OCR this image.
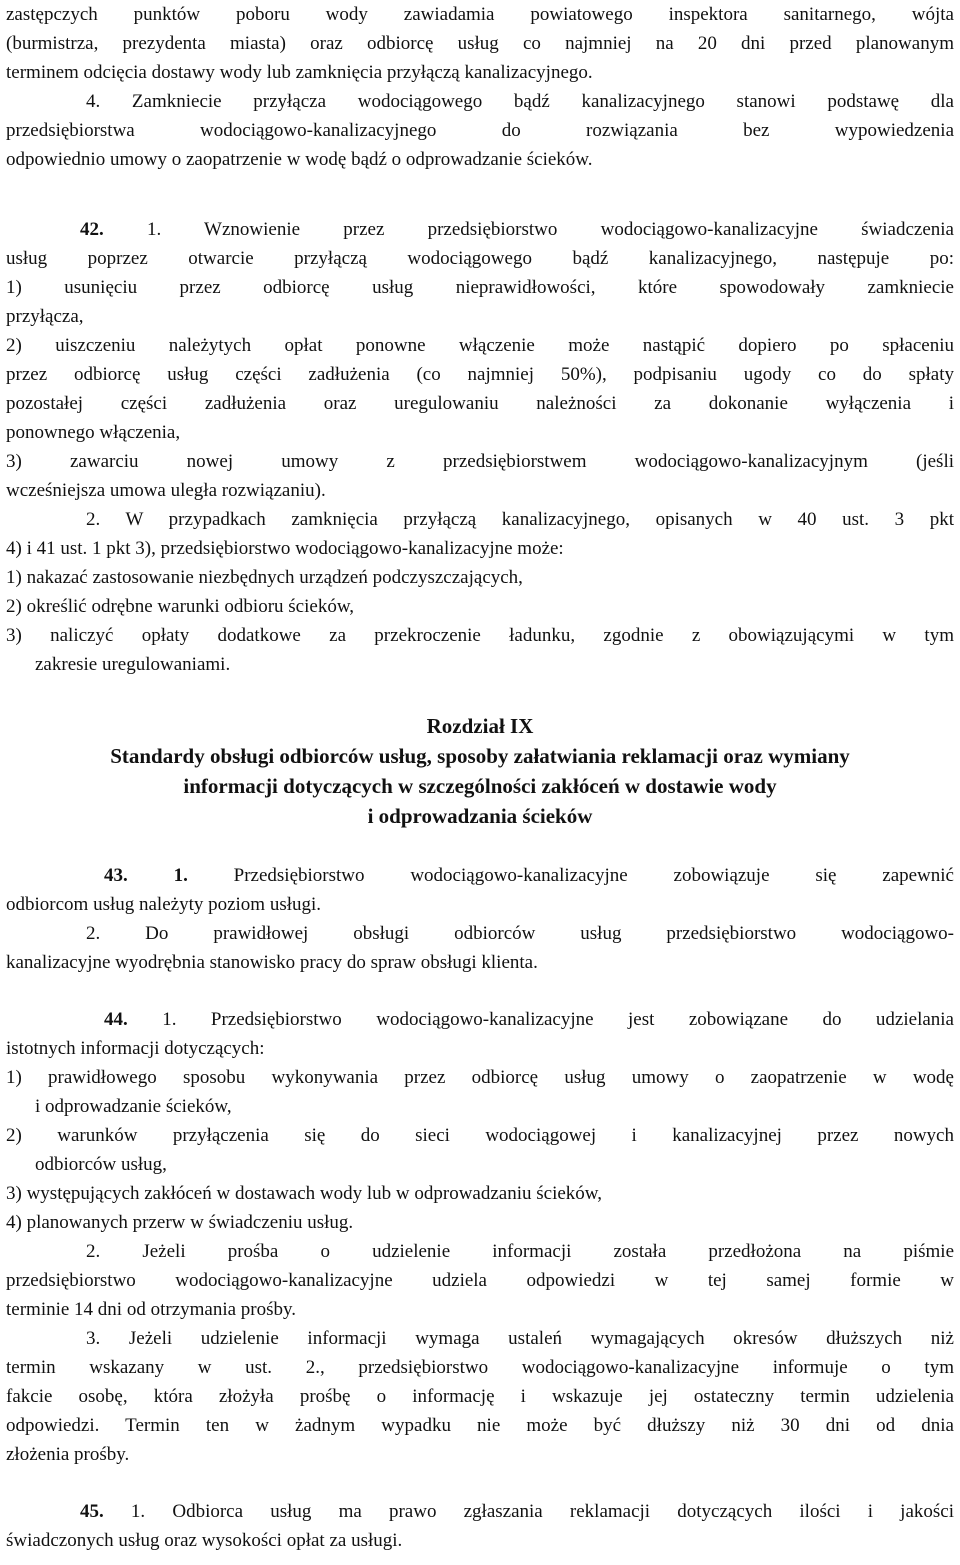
zastępczych punktów poboru wody zawiadamia powiatowego inspektora sanitarnego, wójta
(burmistrza, prezydenta miasta) oraz odbiorcę usług co najmniej na 20 dni przed planowanym
terminem odcięcia dostawy wody lub zamknięcia przyłączą kanalizacyjnego.
4. Zamkniecie przyłącza wodociągowego bądź kanalizacyjnego stanowi podstawę dla
przedsiębiorstwa wodociągowo-kanalizacyjnego do rozwiązania bez wypowiedzenia
odpowiednio umowy o zaopatrzenie w wodę bądź o odprowadzanie ścieków.
42. 1. Wznowienie przez przedsiębiorstwo wodociągowo-kanalizacyjne świadczenia
usług poprzez otwarcie przyłączą wodociągowego bądź kanalizacyjnego, następuje po:
1) usunięciu przez odbiorcę usług nieprawidłowości, które spowodowały zamkniecie
przyłącza,
2) uiszczeniu należytych opłat ponowne włączenie może nastąpić dopiero po spłaceniu
przez odbiorcę usług części zadłużenia (co najmniej 50%), podpisaniu ugody co do spłaty
pozostałej części zadłużenia oraz uregulowaniu należności za dokonanie wyłączenia i
ponownego włączenia,
3) zawarciu nowej umowy z przedsiębiorstwem wodociągowo-kanalizacyjnym (jeśli
wcześniejsza umowa uległa rozwiązaniu).
2. W przypadkach zamknięcia przyłączą kanalizacyjnego, opisanych w 40 ust. 3 pkt
4) i 41 ust. 1 pkt 3), przedsiębiorstwo wodociągowo-kanalizacyjne może:
1) nakazać zastosowanie niezbędnych urządzeń podczyszczających,
2) określić odrębne warunki odbioru ścieków,
3) naliczyć opłaty dodatkowe za przekroczenie ładunku, zgodnie z obowiązującymi w tym
zakresie uregulowaniami.
Rozdział IX
Standardy obsługi odbiorców usług, sposoby załatwiania reklamacji oraz wymiany
informacji dotyczących w szczególności zakłóceń w dostawie wody
i odprowadzania ścieków
43. 1. Przedsiębiorstwo wodociągowo-kanalizacyjne zobowiązuje się zapewnić
odbiorcom usług należyty poziom usługi.
2. Do prawidłowej obsługi odbiorców usług przedsiębiorstwo wodociągowo-
kanalizacyjne wyodrębnia stanowisko pracy do spraw obsługi klienta.
44. 1. Przedsiębiorstwo wodociągowo-kanalizacyjne jest zobowiązane do udzielania
istotnych informacji dotyczących:
1) prawidłowego sposobu wykonywania przez odbiorcę usług umowy o zaopatrzenie w wodę
i odprowadzanie ścieków,
2) warunków przyłączenia się do sieci wodociągowej i kanalizacyjnej przez nowych
odbiorców usług,
3) występujących zakłóceń w dostawach wody lub w odprowadzaniu ścieków,
4) planowanych przerw w świadczeniu usług.
2. Jeżeli prośba o udzielenie informacji została przedłożona na piśmie
przedsiębiorstwo wodociągowo-kanalizacyjne udziela odpowiedzi w tej samej formie w
terminie 14 dni od otrzymania prośby.
3. Jeżeli udzielenie informacji wymaga ustaleń wymagających okresów dłuższych niż
termin wskazany w ust. 2., przedsiębiorstwo wodociągowo-kanalizacyjne informuje o tym
fakcie osobę, która złożyła prośbę o informację i wskazuje jej ostateczny termin udzielenia
odpowiedzi. Termin ten w żadnym wypadku nie może być dłuższy niż 30 dni od dnia
złożenia prośby.
45. 1. Odbiorca usług ma prawo zgłaszania reklamacji dotyczących ilości i jakości
świadczonych usług oraz wysokości opłat za usługi.
